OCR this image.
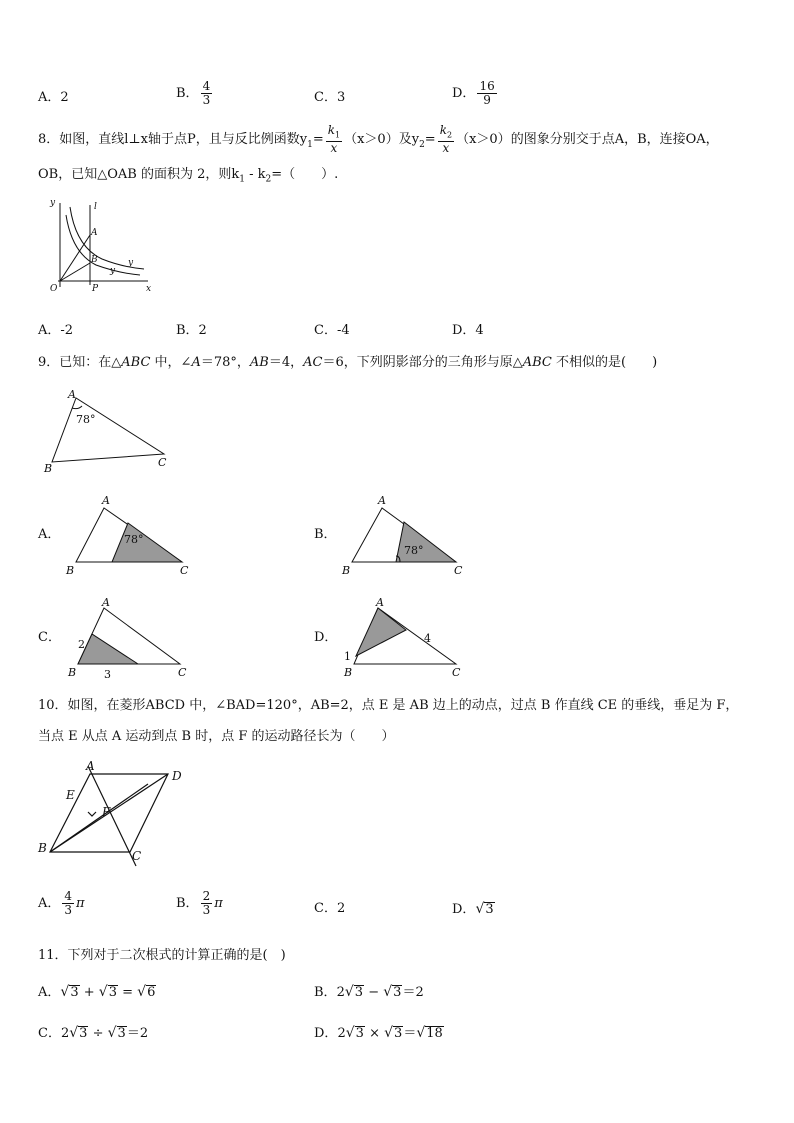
A．2	B． $\frac{4}{3}$	C．3	D． $\frac{16}{9}$
8．如图，直线l⊥x轴于点P，且与反比例函数$y_1= \frac{k_1}{x} (x>0)$及$y_2= \frac{k_2}{x} (x>0)$的图象分别交于点A，B，连接OA，
OB，已知△OAB 的面积为 2，则$k_1 - k_2=$（　　）.
y	l
A
B	y
y
O	P	x
A．-2	B．2	C．-4	D．4
9．已知：在△ABC 中，∠A＝78°，AB＝4，AC＝6，下列阴影部分的三角形与原△ABC 不相似的是(　　)
A
B	C
78°
A．
A
B	C
78°	B．
A
B	C
78°
C．
A
B	C
2
3
D．
A
B	C
4
1
10．如图，在菱形ABCD 中，∠BAD=120°，AB=2，点 E 是 AB 边上的动点，过点 B 作直线 CE 的垂线，垂足为 F，
当点 E 从点 A 运动到点 B 时，点 F 的运动路径长为（　　）
A
D
E
F
B
C
A． $\frac{4}{3}$ π	B． $\frac{2}{3}$ π	C．2	D．√3
11．下列对于二次根式的计算正确的是(　)
A．√3 + √3 = √6	B．2√3 − √3＝2
C．2√3 ÷ √3＝2	D．2√3 × √3＝√18
